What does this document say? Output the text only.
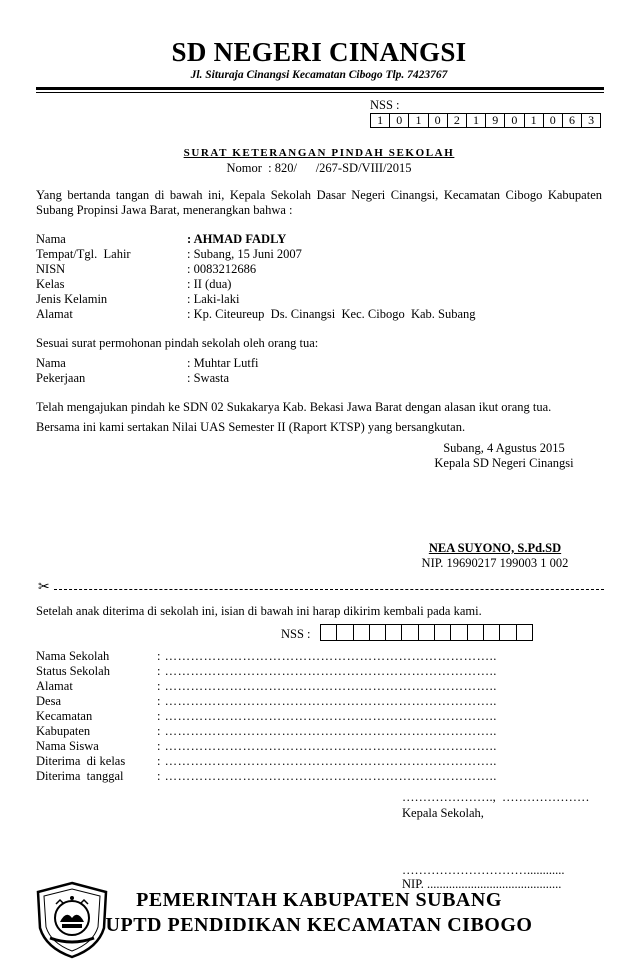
SD NEGERI CINANGSI
Jl. Situraja Cinangsi Kecamatan Cibogo Tlp. 7423767
NSS :
1	0	1	0	2	1	9	0	1	0	6	3
SURAT KETERANGAN PINDAH SEKOLAH
Nomor  : 820/      /267-SD/VIII/2015
Yang bertanda tangan di bawah ini, Kepala Sekolah Dasar Negeri Cinangsi, Kecamatan Cibogo Kabupaten Subang Propinsi Jawa Barat, menerangkan bahwa :
Nama	: AHMAD FADLY
Tempat/Tgl.  Lahir	: Subang, 15 Juni 2007
NISN	: 0083212686
Kelas	: II (dua)
Jenis Kelamin	: Laki-laki
Alamat	: Kp. Citeureup  Ds. Cinangsi  Kec. Cibogo  Kab. Subang
Sesuai surat permohonan pindah sekolah oleh orang tua:
Nama	: Muhtar Lutfi
Pekerjaan	: Swasta
Telah mengajukan pindah ke SDN 02 Sukakarya Kab. Bekasi Jawa Barat dengan alasan ikut orang tua.
Bersama ini kami sertakan Nilai UAS Semester II (Raport KTSP) yang bersangkutan.
Subang, 4 Agustus 2015
Kepala SD Negeri Cinangsi
NEA SUYONO, S.Pd.SD
NIP. 19690217 199003 1 002
✂
Setelah anak diterima di sekolah ini, isian di bawah ini harap dikirim kembali pada kami.
NSS :
Nama Sekolah	: …………………………………………………………………..
Status Sekolah	: …………………………………………………………………..
Alamat	: …………………………………………………………………..
Desa	: …………………………………………………………………..
Kecamatan	: …………………………………………………………………..
Kabupaten	: …………………………………………………………………..
Nama Siswa	: …………………………………………………………………..
Diterima  di kelas	: …………………………………………………………………..
Diterima  tanggal	: …………………………………………………………………..
………………….,  …………………
Kepala Sekolah,
…………………………............
NIP. ...........................................
PEMERINTAH KABUPATEN SUBANG
UPTD PENDIDIKAN KECAMATAN CIBOGO
